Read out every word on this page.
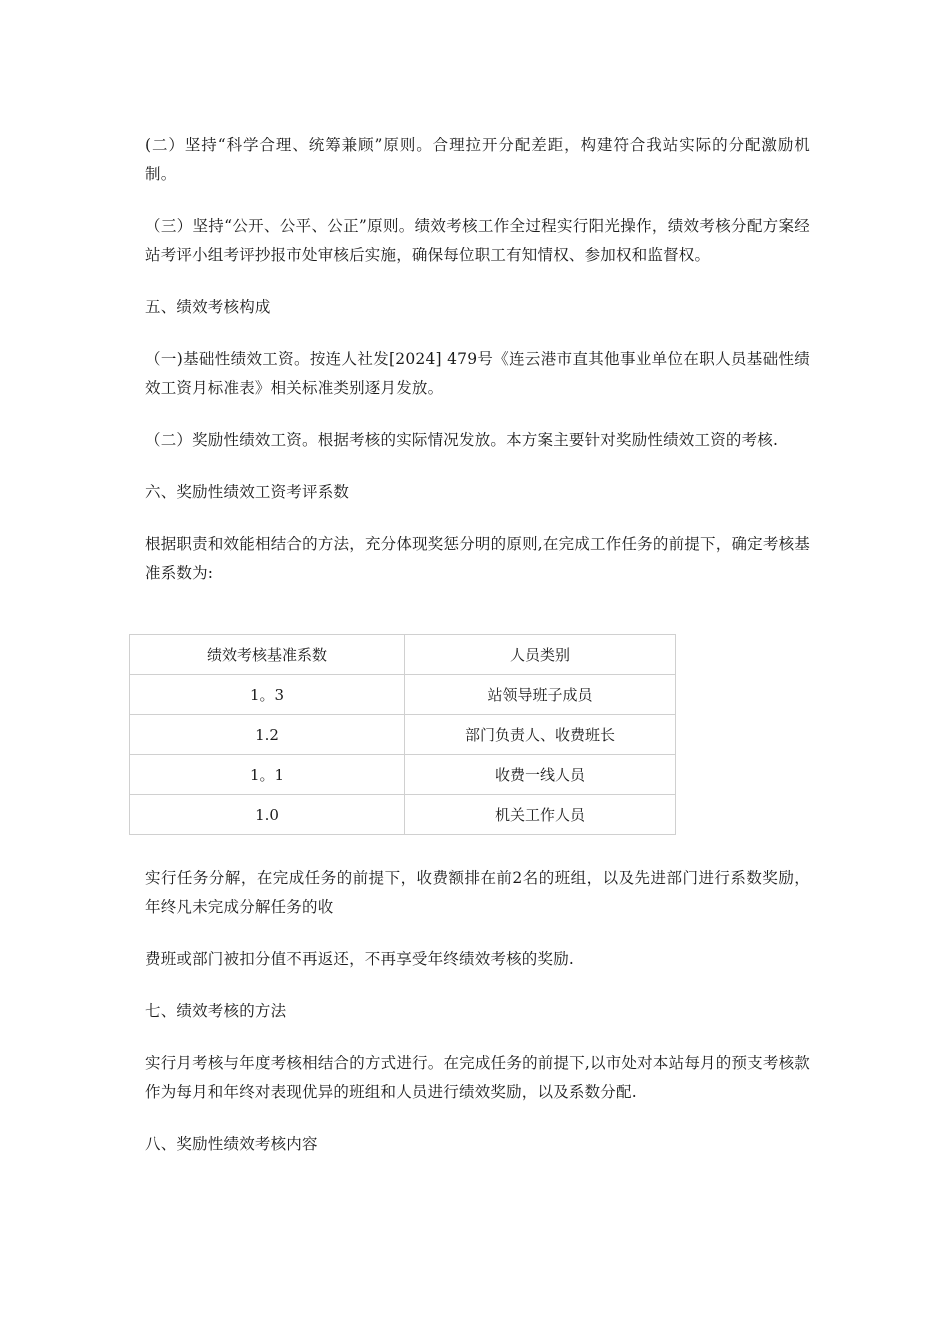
(二）坚持“科学合理、统筹兼顾”原则。合理拉开分配差距，构建符合我站实际的分配激励机制。

（三）坚持“公开、公平、公正”原则。绩效考核工作全过程实行阳光操作，绩效考核分配方案经站考评小组考评抄报市处审核后实施，确保每位职工有知情权、参加权和监督权。

五、绩效考核构成

（一)基础性绩效工资。按连人社发[2024] 479号《连云港市直其他事业单位在职人员基础性绩效工资月标准表》相关标准类别逐月发放。

（二）奖励性绩效工资。根据考核的实际情况发放。本方案主要针对奖励性绩效工资的考核.

六、奖励性绩效工资考评系数

根据职责和效能相结合的方法，充分体现奖惩分明的原则,在完成工作任务的前提下，确定考核基准系数为:

绩效考核基准系数	人员类别
1。3	站领导班子成员
1.2	部门负责人、收费班长
1。1	收费一线人员
1.0	机关工作人员

实行任务分解，在完成任务的前提下，收费额排在前2名的班组，以及先进部门进行系数奖励，年终凡未完成分解任务的收

费班或部门被扣分值不再返还，不再享受年终绩效考核的奖励.

七、绩效考核的方法

实行月考核与年度考核相结合的方式进行。在完成任务的前提下,以市处对本站每月的预支考核款作为每月和年终对表现优异的班组和人员进行绩效奖励，以及系数分配.

八、奖励性绩效考核内容
